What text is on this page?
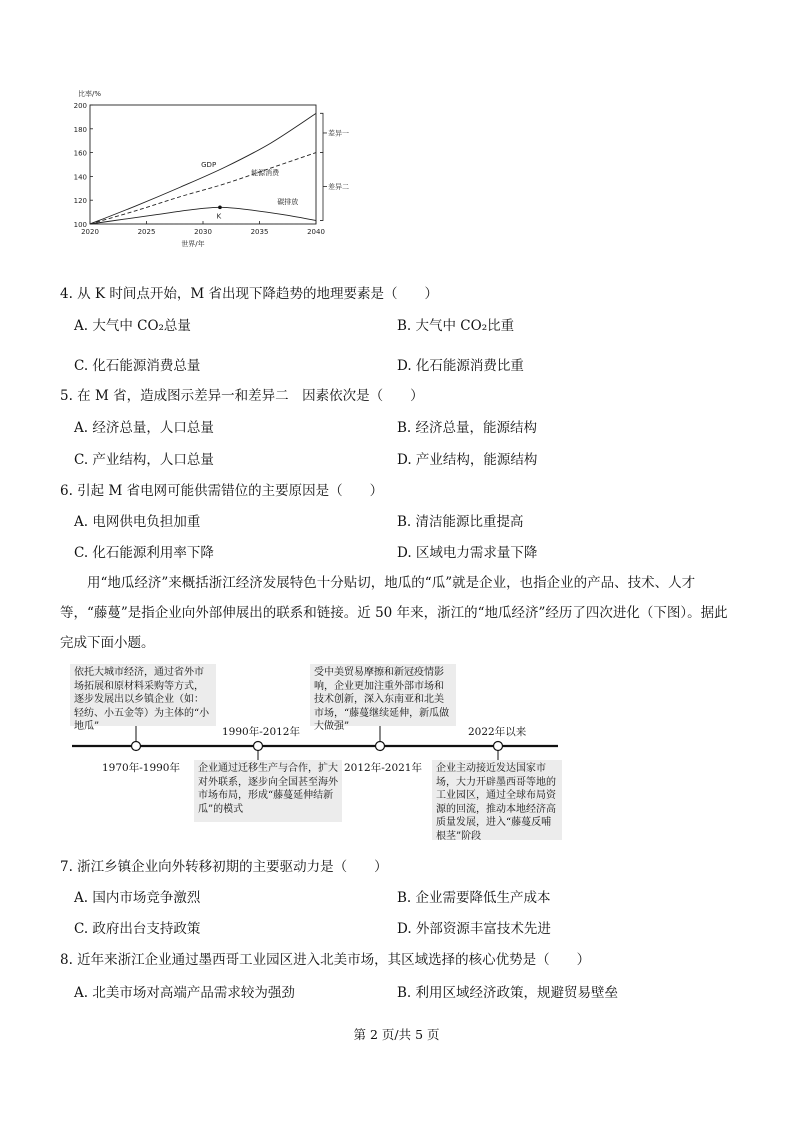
100
120
140
160
180
200
2020	2025	2030	2035	2040
比率/%
世界/年
GDP
能源消费
碳排放
K
差异一
差异二
4. 从 K 时间点开始，M 省出现下降趋势的地理要素是（　　）
A. 大气中 CO₂总量	B. 大气中 CO₂比重
C. 化石能源消费总量	D. 化石能源消费比重
5. 在 M 省，造成图示差异一和差异二　因素依次是（　　）
A. 经济总量，人口总量	B. 经济总量，能源结构
C. 产业结构，人口总量	D. 产业结构，能源结构
6. 引起 M 省电网可能供需错位的主要原因是（　　）
A. 电网供电负担加重	B. 清洁能源比重提高
C. 化石能源利用率下降	D. 区域电力需求量下降
用“地瓜经济”来概括浙江经济发展特色十分贴切，地瓜的“瓜”就是企业，也指企业的产品、技术、人才等，“藤蔓”是指企业向外部伸展出的联系和链接。近 50 年来，浙江的“地瓜经济”经历了四次进化（下图）。据此完成下面小题。
依托大城市经济，通过省外市场拓展和原材料采购等方式，逐步发展出以乡镇企业（如：轻纺、小五金等）为主体的“小地瓜”
企业通过迁移生产与合作，扩大对外联系，逐步向全国甚至海外市场布局，形成“藤蔓延伸结新瓜”的模式
受中美贸易摩擦和新冠疫情影响，企业更加注重外部市场和技术创新，深入东南亚和北美市场，“藤蔓继续延伸，新瓜做大做强”
企业主动接近发达国家市场，大力开辟墨西哥等地的工业园区，通过全球布局资源的回流，推动本地经济高质量发展，进入“藤蔓反哺根茎”阶段
1970年-1990年
1990年-2012年
2012年-2021年
2022年以来
7. 浙江乡镇企业向外转移初期的主要驱动力是（　　）
A. 国内市场竞争激烈	B. 企业需要降低生产成本
C. 政府出台支持政策	D. 外部资源丰富技术先进
8. 近年来浙江企业通过墨西哥工业园区进入北美市场，其区域选择的核心优势是（　　）
A. 北美市场对高端产品需求较为强劲	B. 利用区域经济政策，规避贸易壁垒
第 2 页/共 5 页
